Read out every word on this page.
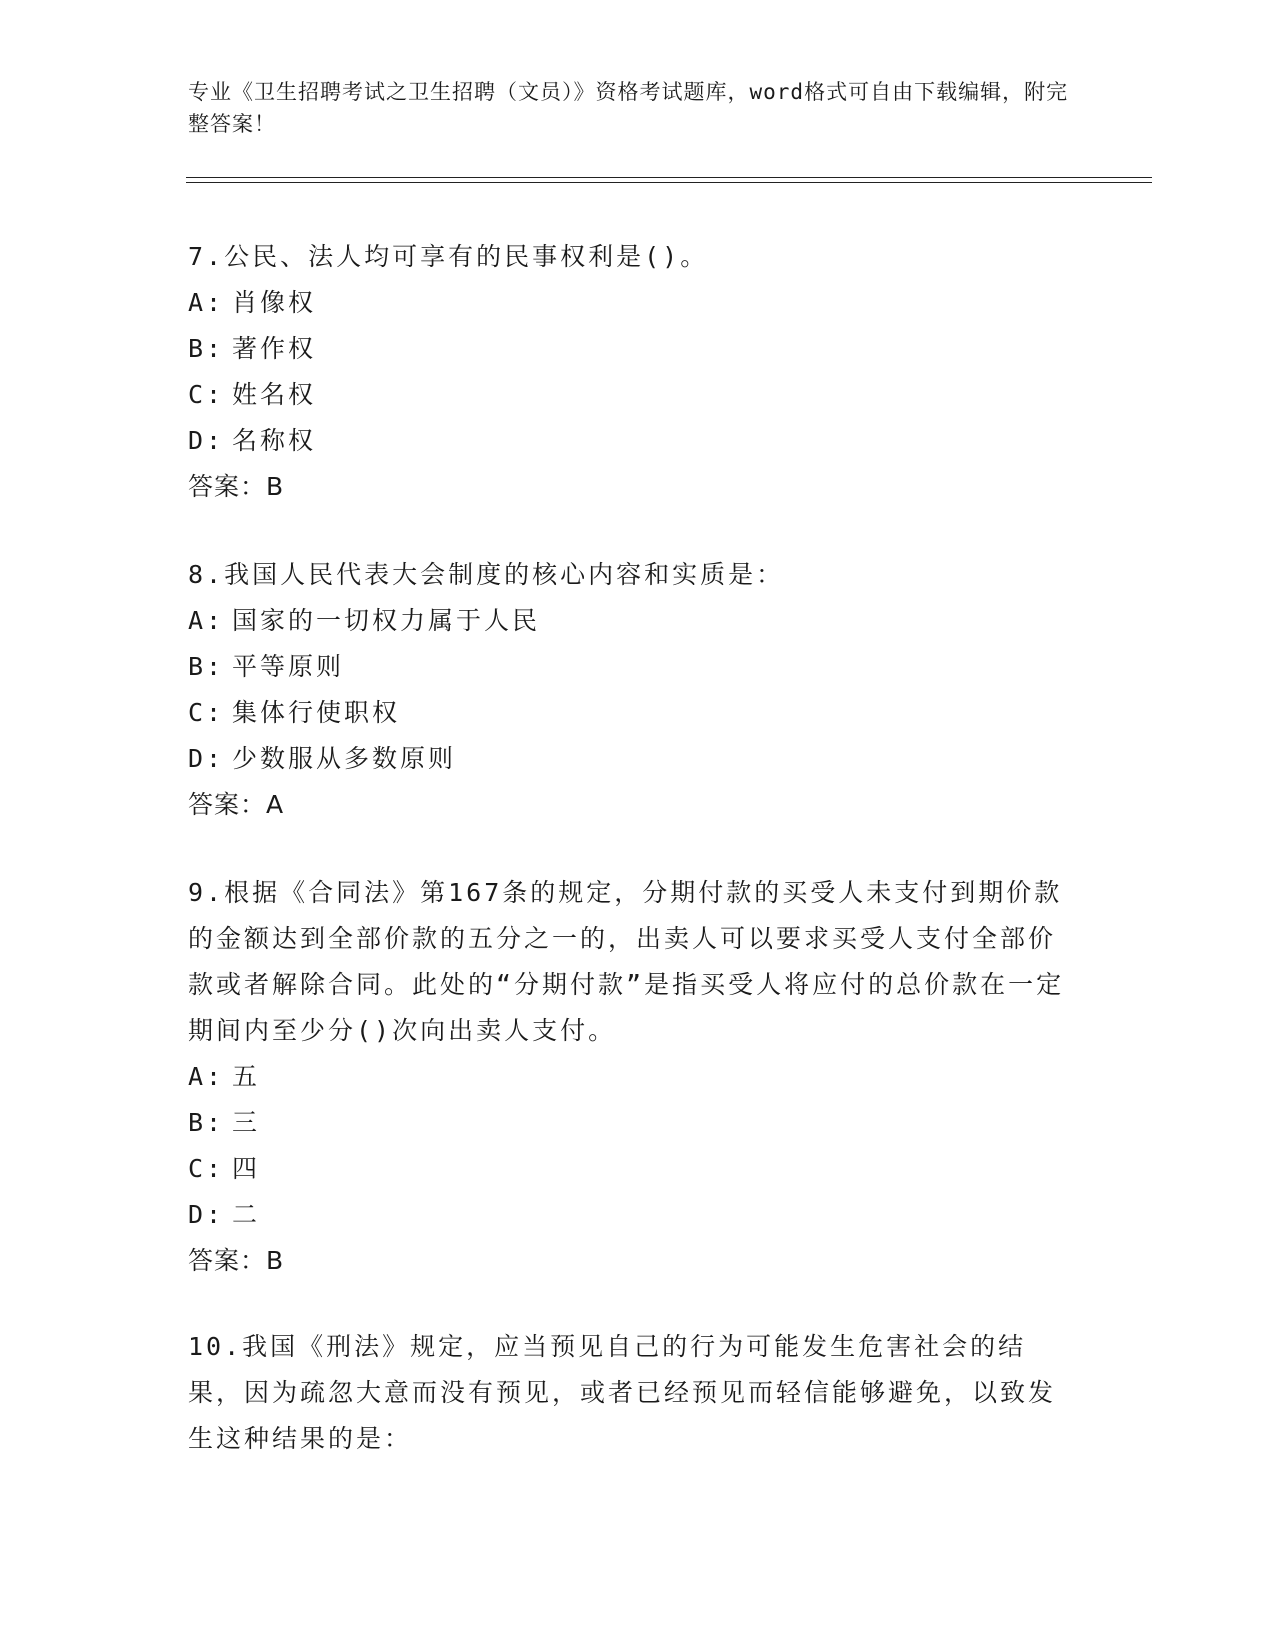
专业《卫生招聘考试之卫生招聘（文员）》资格考试题库，word格式可自由下载编辑，附完整答案！
7.公民、法人均可享有的民事权利是()。
A: 肖像权
B: 著作权
C: 姓名权
D: 名称权
答案：B
8.我国人民代表大会制度的核心内容和实质是：
A: 国家的一切权力属于人民
B: 平等原则
C: 集体行使职权
D: 少数服从多数原则
答案：A
9.根据《合同法》第167条的规定，分期付款的买受人未支付到期价款的金额达到全部价款的五分之一的，出卖人可以要求买受人支付全部价款或者解除合同。此处的“分期付款”是指买受人将应付的总价款在一定期间内至少分()次向出卖人支付。
A: 五
B: 三
C: 四
D: 二
答案：B
10.我国《刑法》规定，应当预见自己的行为可能发生危害社会的结果，因为疏忽大意而没有预见，或者已经预见而轻信能够避免，以致发生这种结果的是：
